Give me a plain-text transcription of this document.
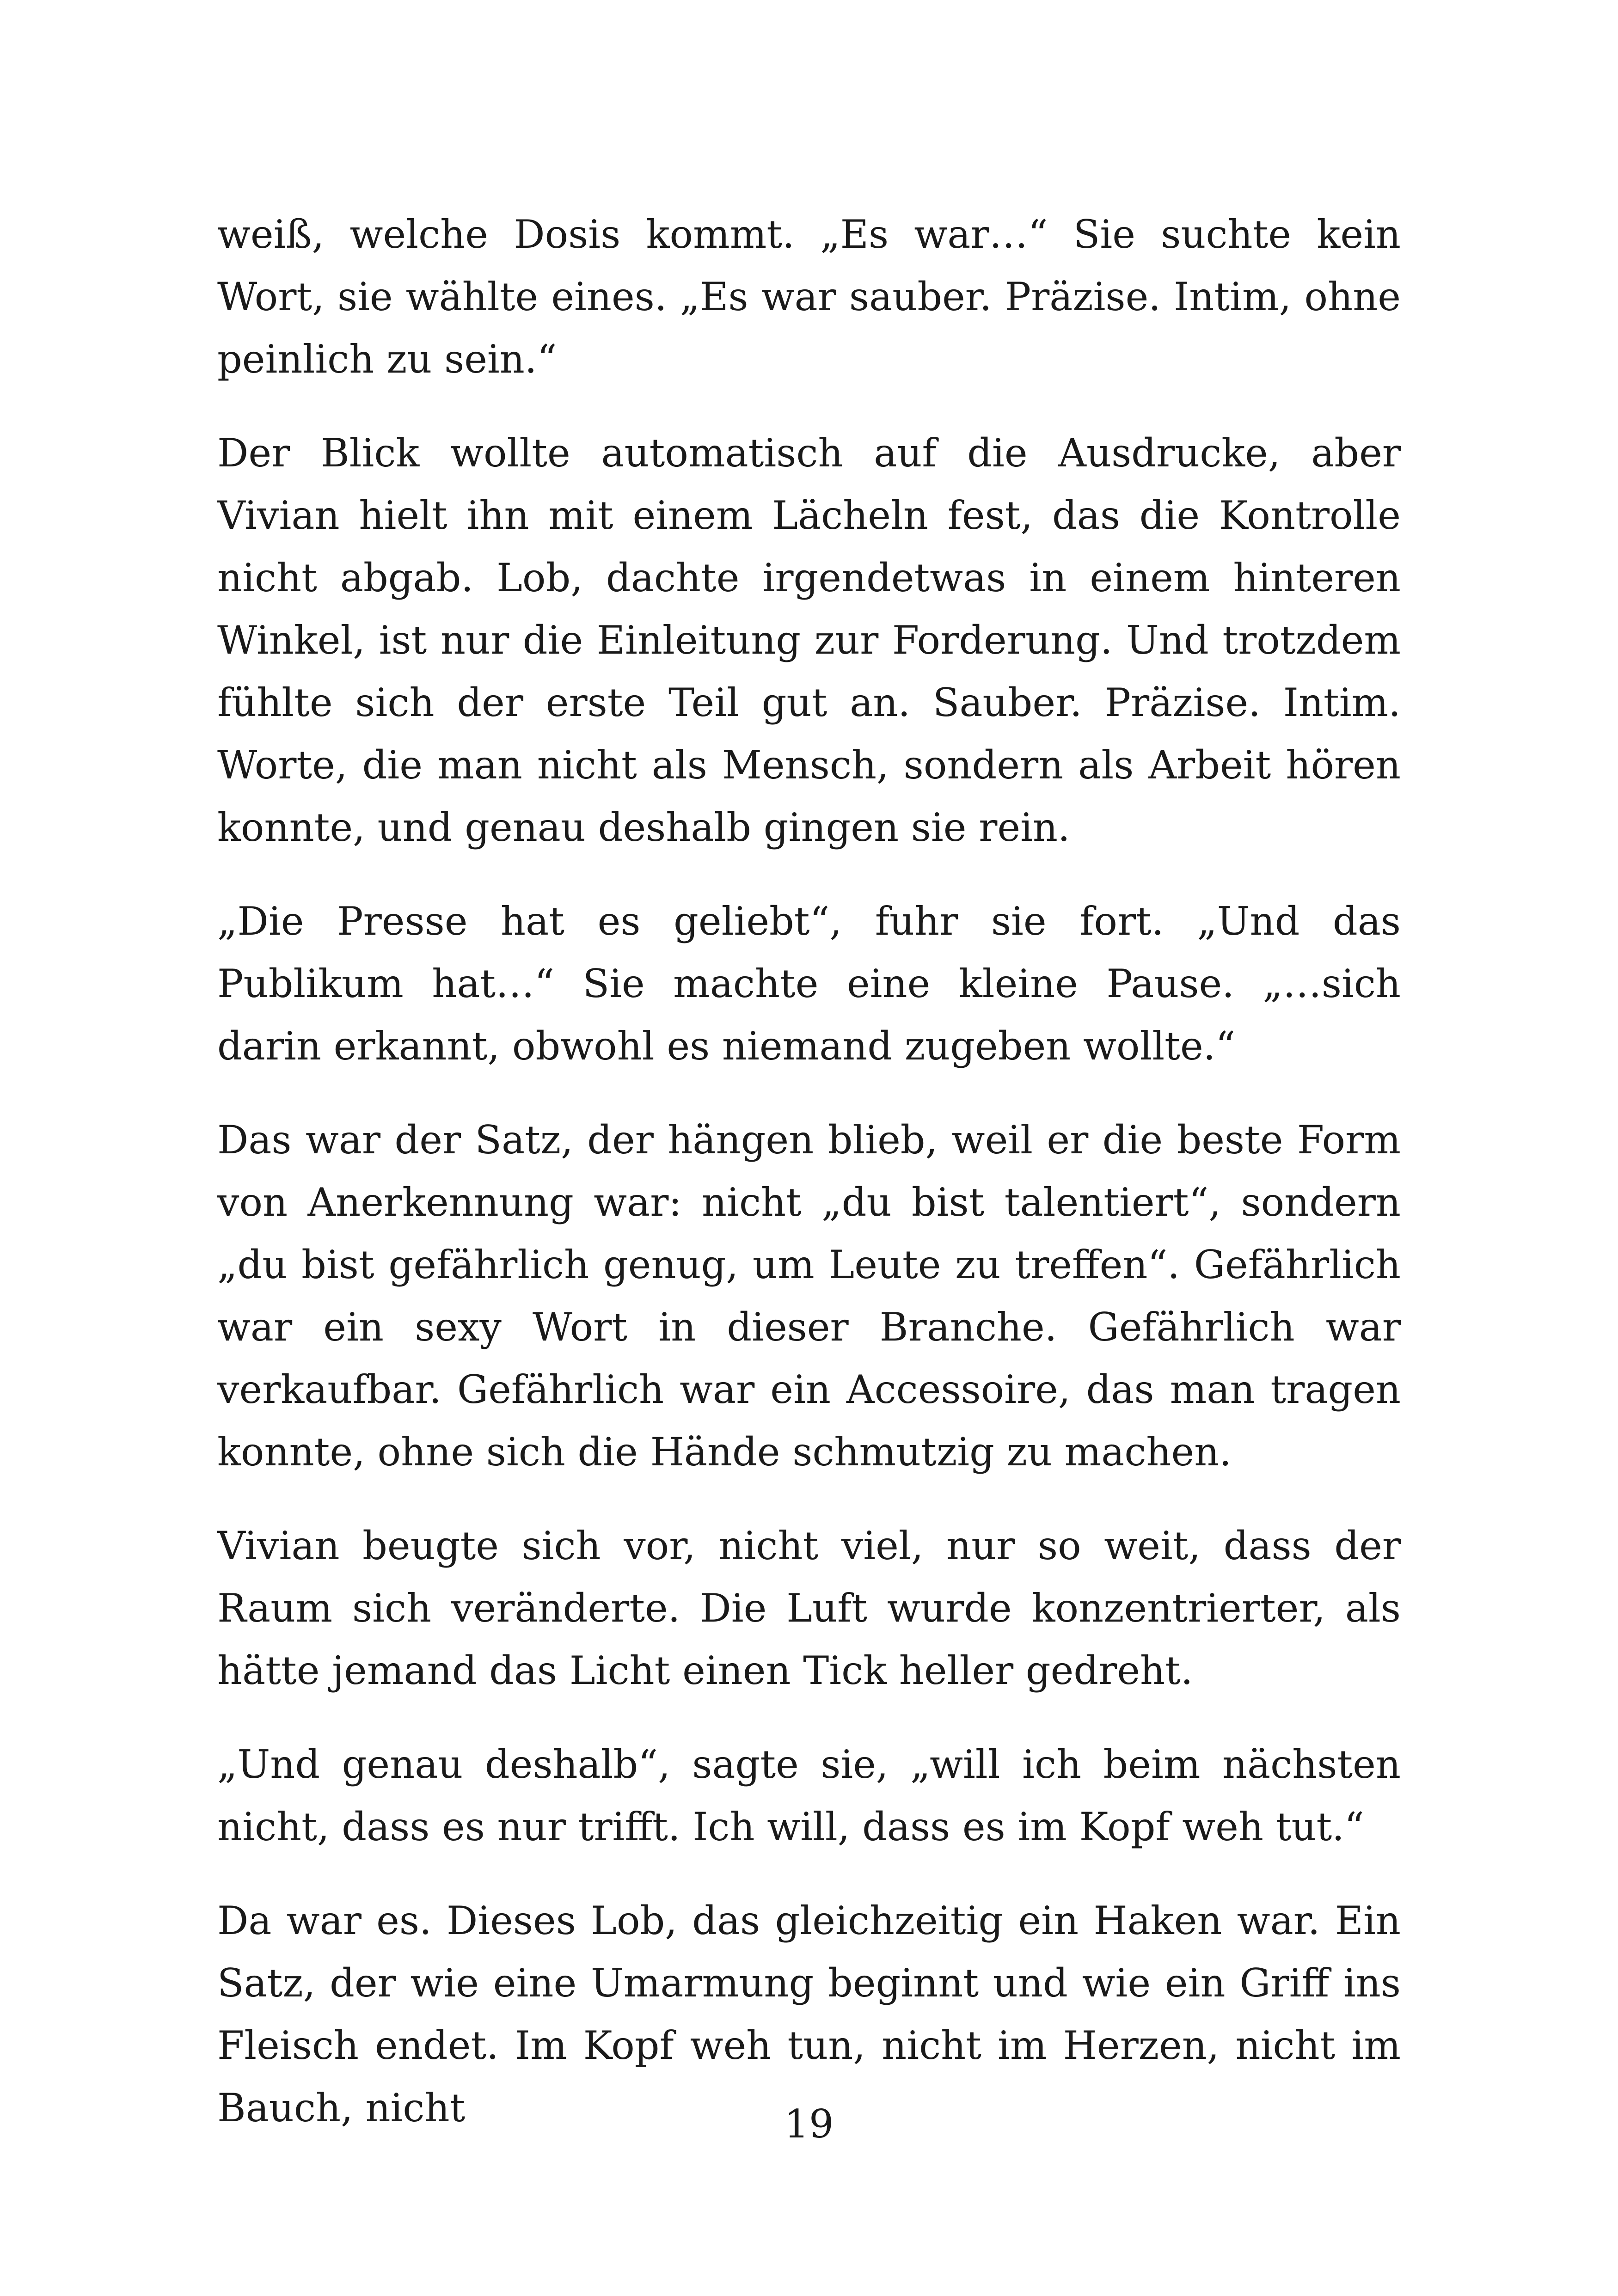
weiß, welche Dosis kommt. „Es war…“ Sie suchte kein Wort, sie wählte eines. „Es war sauber. Präzise. Intim, ohne peinlich zu sein.“

Der Blick wollte automatisch auf die Ausdrucke, aber Vivian hielt ihn mit einem Lächeln fest, das die Kontrolle nicht abgab. Lob, dachte irgendetwas in einem hinteren Winkel, ist nur die Einleitung zur Forderung. Und trotzdem fühlte sich der erste Teil gut an. Sauber. Präzise. Intim. Worte, die man nicht als Mensch, sondern als Arbeit hören konnte, und genau deshalb gingen sie rein.

„Die Presse hat es geliebt“, fuhr sie fort. „Und das Publikum hat…“ Sie machte eine kleine Pause. „…sich darin erkannt, obwohl es niemand zugeben wollte.“

Das war der Satz, der hängen blieb, weil er die beste Form von Anerkennung war: nicht „du bist talentiert“, sondern „du bist gefährlich genug, um Leute zu treffen“. Gefährlich war ein sexy Wort in dieser Branche. Gefährlich war verkaufbar. Gefährlich war ein Accessoire, das man tragen konnte, ohne sich die Hände schmutzig zu machen.

Vivian beugte sich vor, nicht viel, nur so weit, dass der Raum sich veränderte. Die Luft wurde konzentrierter, als hätte jemand das Licht einen Tick heller gedreht.

„Und genau deshalb“, sagte sie, „will ich beim nächsten nicht, dass es nur trifft. Ich will, dass es im Kopf weh tut.“

Da war es. Dieses Lob, das gleichzeitig ein Haken war. Ein Satz, der wie eine Umarmung beginnt und wie ein Griff ins Fleisch endet. Im Kopf weh tun, nicht im Herzen, nicht im Bauch, nicht	19
